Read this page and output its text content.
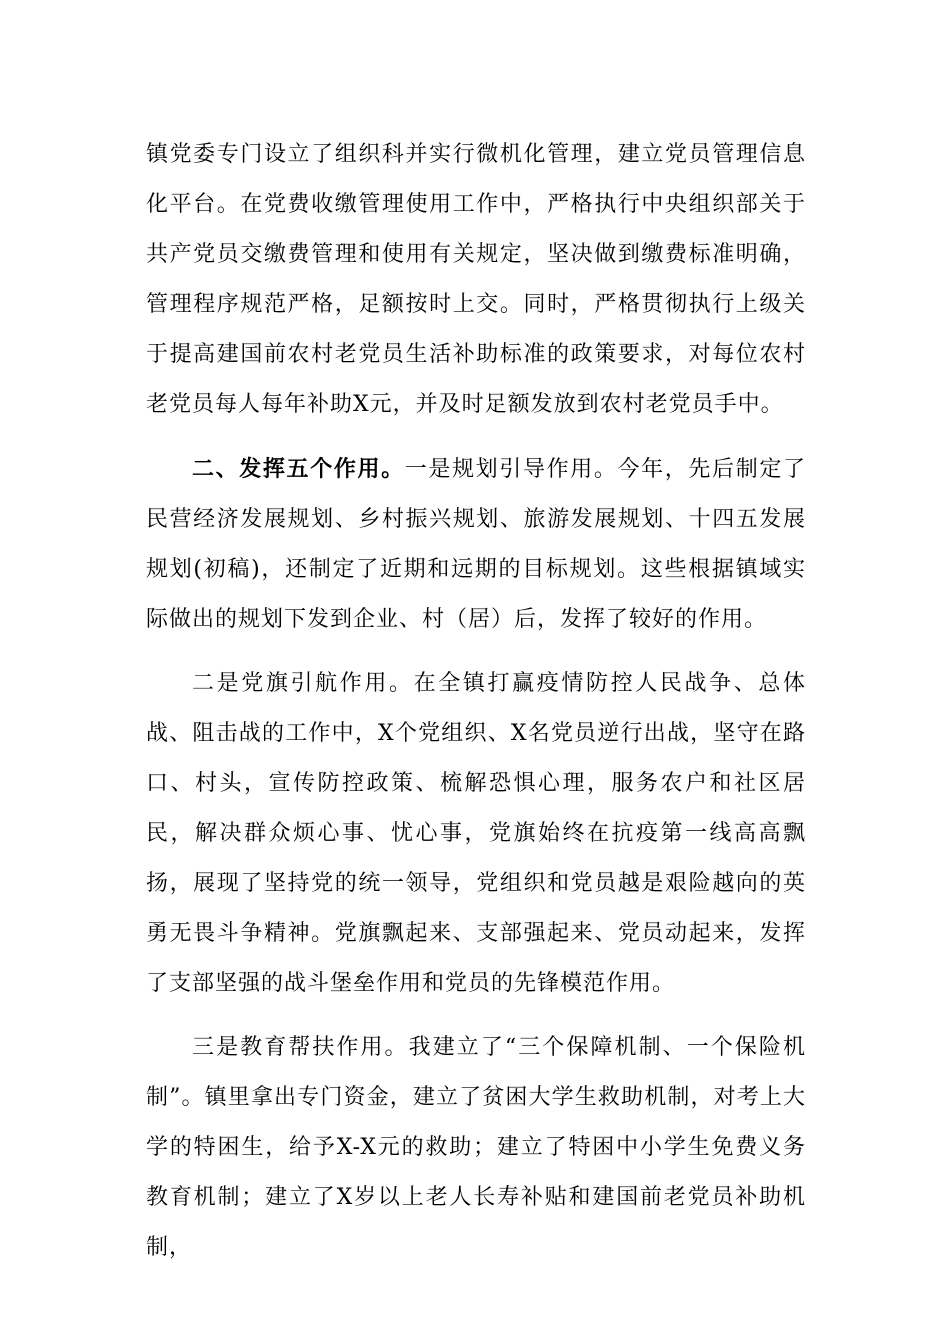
镇党委专门设立了组织科并实行微机化管理，建立党员管理信息化平台。在党费收缴管理使用工作中，严格执行中央组织部关于共产党员交缴费管理和使用有关规定，坚决做到缴费标准明确，管理程序规范严格，足额按时上交。同时，严格贯彻执行上级关于提高建国前农村老党员生活补助标准的政策要求，对每位农村老党员每人每年补助X元，并及时足额发放到农村老党员手中。

二、发挥五个作用。一是规划引导作用。今年，先后制定了民营经济发展规划、乡村振兴规划、旅游发展规划、十四五发展规划(初稿)，还制定了近期和远期的目标规划。这些根据镇域实际做出的规划下发到企业、村（居）后，发挥了较好的作用。

二是党旗引航作用。在全镇打赢疫情防控人民战争、总体战、阻击战的工作中，X个党组织、X名党员逆行出战，坚守在路口、村头，宣传防控政策、梳解恐惧心理，服务农户和社区居民，解决群众烦心事、忧心事，党旗始终在抗疫第一线高高飘扬，展现了坚持党的统一领导，党组织和党员越是艰险越向的英勇无畏斗争精神。党旗飘起来、支部强起来、党员动起来，发挥了支部坚强的战斗堡垒作用和党员的先锋模范作用。

三是教育帮扶作用。我建立了“三个保障机制、一个保险机制”。镇里拿出专门资金，建立了贫困大学生救助机制，对考上大学的特困生，给予X-X元的救助；建立了特困中小学生免费义务教育机制；建立了X岁以上老人长寿补贴和建国前老党员补助机制，
